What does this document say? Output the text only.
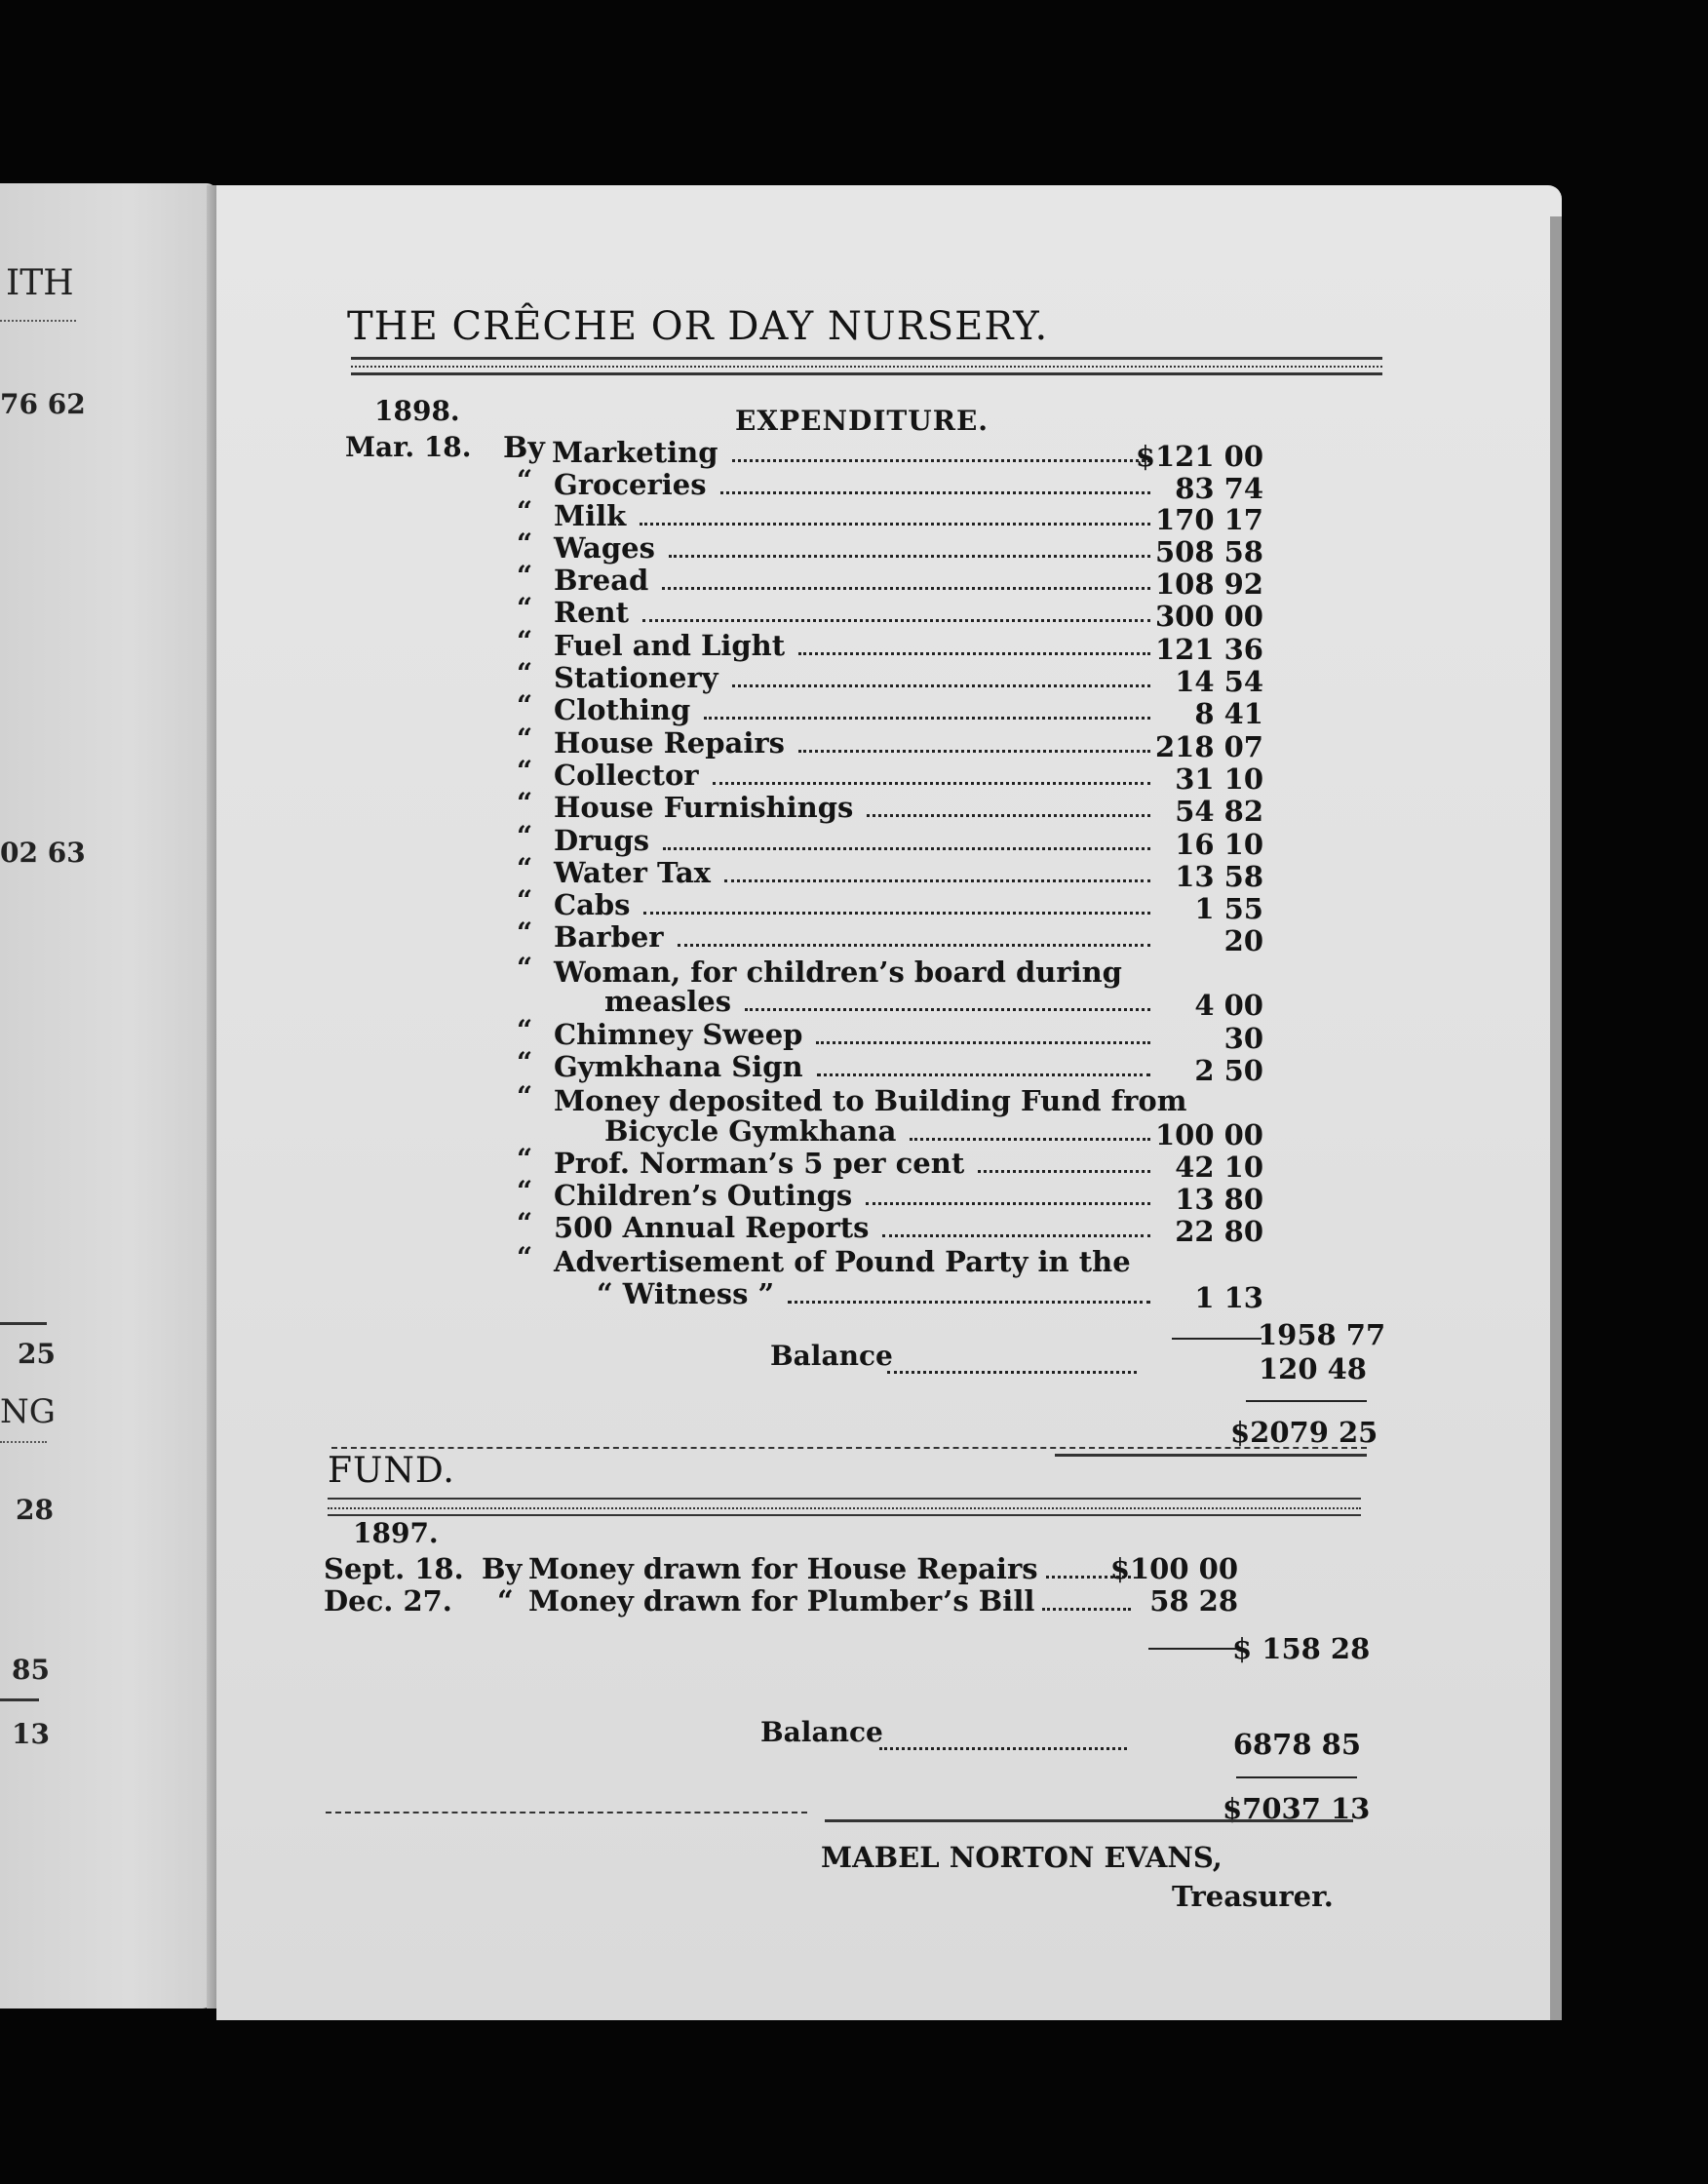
ITH
76 62
02 63
25
NG
28
85
13
THE CRÊCHE OR DAY NURSERY.
1898.
Mar. 18.
EXPENDITURE.
By Marketing	$121 00
“ Groceries	83 74
“ Milk	170 17
“ Wages	508 58
“ Bread	108 92
“ Rent	300 00
“ Fuel and Light	121 36
“ Stationery	14 54
“ Clothing	8 41
“ House Repairs	218 07
“ Collector	31 10
“ House Furnishings	54 82
“ Drugs	16 10
“ Water Tax	13 58
“ Cabs	1 55
“ Barber	20
“ Woman, for children’s board during
measles	4 00
“ Chimney Sweep	30
“ Gymkhana Sign	2 50
“ Money deposited to Building Fund from
Bicycle Gymkhana	100 00
“ Prof. Norman’s 5 per cent	42 10
“ Children’s Outings	13 80
“ 500 Annual Reports	22 80
“ Advertisement of Pound Party in the
“ Witness ”	1 13
1958 77
Balance	120 48
$2079 25
FUND.
1897.
Sept. 18. By Money drawn for House Repairs	$100 00
Dec. 27. “ Money drawn for Plumber’s Bill	58 28
$ 158 28
Balance	6878 85
$7037 13
MABEL NORTON EVANS,
Treasurer.
